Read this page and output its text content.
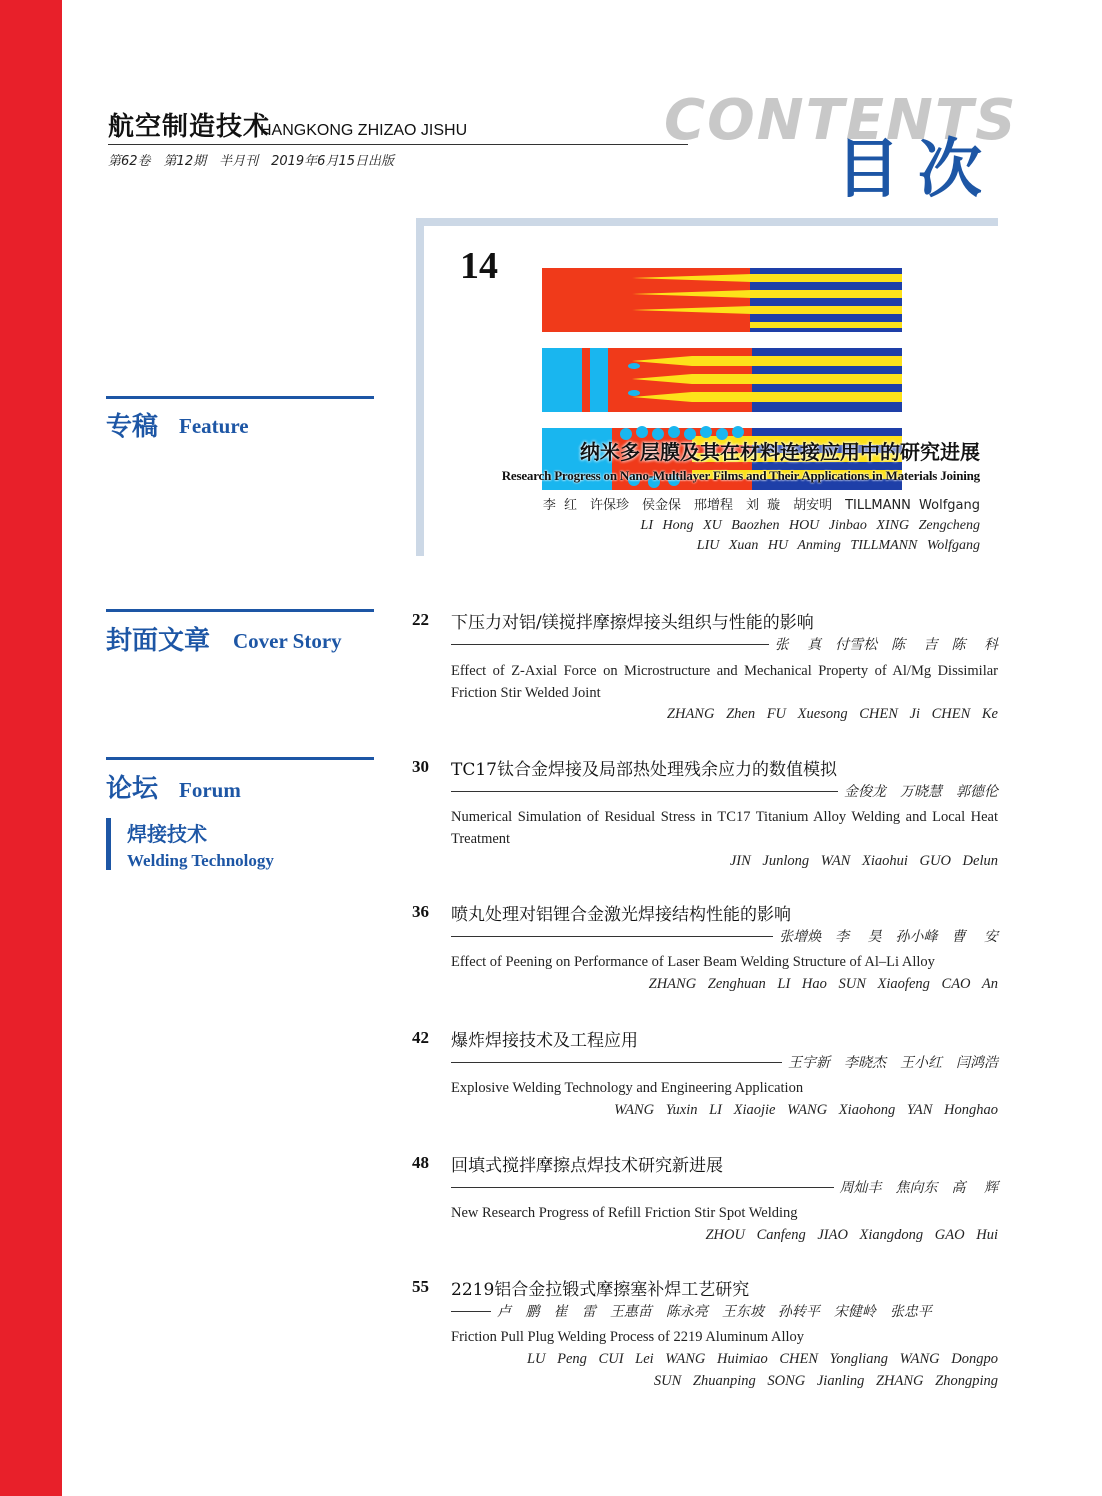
航空制造技术
HANGKONG ZHIZAO JISHU
第62卷　第12期　半月刊　2019年6月15日出版
CONTENTS
目次
14
纳米多层膜及其在材料连接应用中的研究进展
Research Progress on Nano-Multilayer Films and Their Applications in Materials Joining
李 红　许保珍　侯金保　邢增程　刘 璇　胡安明　TILLMANN Wolfgang
LI Hong XU Baozhen HOU Jinbao XING Zengcheng
LIU Xuan HU Anming TILLMANN Wolfgang
专稿 Feature
封面文章 Cover Story
论坛 Forum
焊接技术
Welding Technology
22 下压力对铝/镁搅拌摩擦焊接头组织与性能的影响
张 真　付雪松　陈 吉　陈 科
Effect of Z-Axial Force on Microstructure and Mechanical Property of Al/Mg Dissimilar Friction Stir Welded Joint
ZHANG Zhen FU Xuesong CHEN Ji CHEN Ke
30 TC17钛合金焊接及局部热处理残余应力的数值模拟
金俊龙　万晓慧　郭德伦
Numerical Simulation of Residual Stress in TC17 Titanium Alloy Welding and Local Heat Treatment
JIN Junlong WAN Xiaohui GUO Delun
36 喷丸处理对铝锂合金激光焊接结构性能的影响
张增焕　李 昊　孙小峰　曹 安
Effect of Peening on Performance of Laser Beam Welding Structure of Al–Li Alloy
ZHANG Zenghuan LI Hao SUN Xiaofeng CAO An
42 爆炸焊接技术及工程应用
王宇新　李晓杰　王小红　闫鸿浩
Explosive Welding Technology and Engineering Application
WANG Yuxin LI Xiaojie WANG Xiaohong YAN Honghao
48 回填式搅拌摩擦点焊技术研究新进展
周灿丰　焦向东　高 辉
New Research Progress of Refill Friction Stir Spot Welding
ZHOU Canfeng JIAO Xiangdong GAO Hui
55 2219铝合金拉锻式摩擦塞补焊工艺研究
卢 鹏　崔 雷　王惠苗　陈永亮　王东坡　孙转平　宋健岭　张忠平
Friction Pull Plug Welding Process of 2219 Aluminum Alloy
LU Peng CUI Lei WANG Huimiao CHEN Yongliang WANG Dongpo
SUN Zhuanping SONG Jianling ZHANG Zhongping
